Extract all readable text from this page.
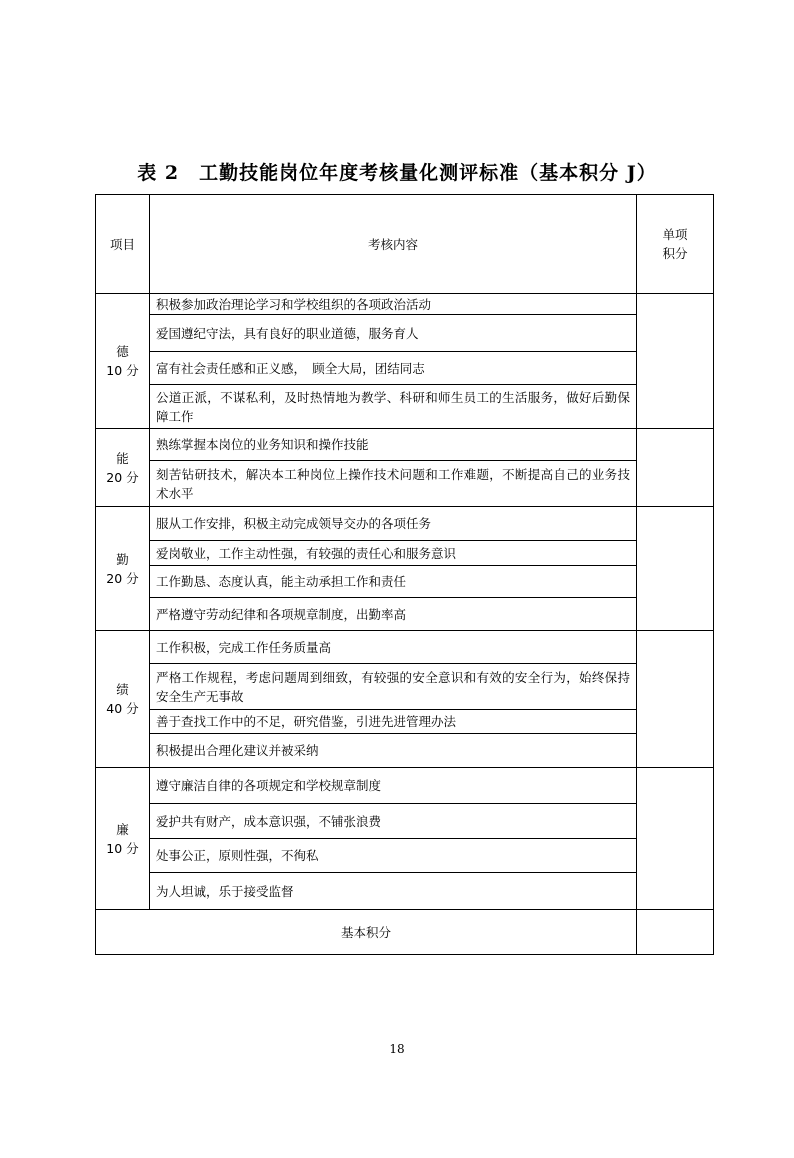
表 2　工勤技能岗位年度考核量化测评标准（基本积分 J）
项目	考核内容	单项
积分

德
10 分	积极参加政治理论学习和学校组织的各项政治活动	
	爱国遵纪守法，具有良好的职业道德，服务育人	
	富有社会责任感和正义感，　顾全大局，团结同志	
	公道正派，不谋私利，及时热情地为教学、科研和师生员工的生活服务，做好后勤保障工作	

能
20 分	熟练掌握本岗位的业务知识和操作技能	
	刻苦钻研技术，解决本工种岗位上操作技术问题和工作难题，不断提高自己的业务技术水平	

勤
20 分	服从工作安排，积极主动完成领导交办的各项任务	
	爱岗敬业，工作主动性强，有较强的责任心和服务意识	
	工作勤恳、态度认真，能主动承担工作和责任	
	严格遵守劳动纪律和各项规章制度，出勤率高	

绩
40 分	工作积极，完成工作任务质量高	
	严格工作规程，考虑问题周到细致，有较强的安全意识和有效的安全行为，始终保持安全生产无事故	
	善于查找工作中的不足，研究借鉴，引进先进管理办法	
	积极提出合理化建议并被采纳	

廉
10 分	遵守廉洁自律的各项规定和学校规章制度	
	爱护共有财产，成本意识强，不铺张浪费	
	处事公正，原则性强，不徇私	
	为人坦诚，乐于接受监督	
基本积分		
18
